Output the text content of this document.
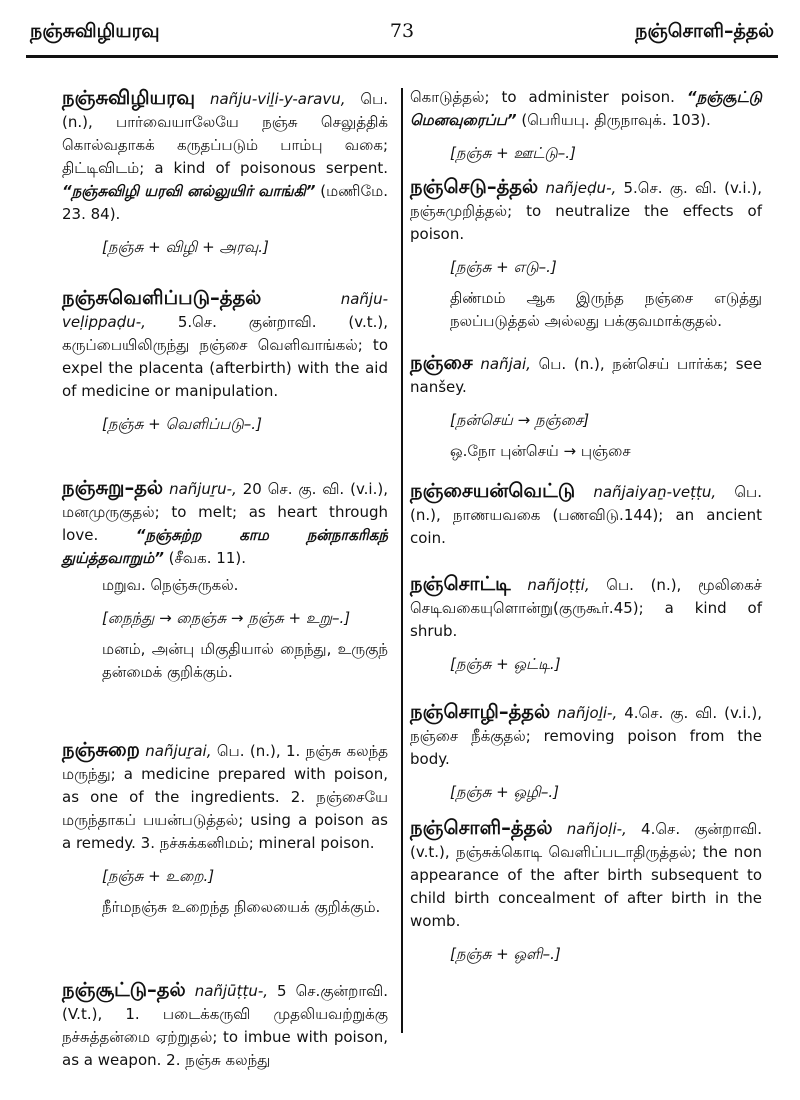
நஞ்சுவிழியரவு	73	நஞ்சொளி–த்தல்

நஞ்சுவிழியரவு nañju-viḻi-y-aravu, பெ. (n.), பார்வையாலேயே நஞ்சு செலுத்திக் கொல்வதாகக் கருதப்படும் பாம்பு வகை; திட்டிவிடம்; a kind of poisonous serpent. “நஞ்சுவிழி யரவி னல்லுயிர் வாங்கி” (மணிமே. 23. 84).

[நஞ்சு + விழி + அரவு.]

நஞ்சுவெளிப்படு–த்தல்	nañju-veḷippaḍu-, 5.செ. குன்றாவி. (v.t.), கருப்பையிலிருந்து நஞ்சை வெளிவாங்கல்; to expel the placenta (afterbirth) with the aid of medicine or manipulation.

[நஞ்சு + வெளிப்படு–.]

நஞ்சுறு–தல் nañjuṟu-, 20 செ. கு. வி. (v.i.), மனமுருகுதல்; to melt; as heart through love.	“நஞ்சுற்ற காம நன்நாகரிகந் துய்த்தவாறும்” (சீவக. 11).

மறுவ. நெஞ்சுருகல்.

[நைந்து → நைஞ்சு → நஞ்சு + உறு–.]

மனம், அன்பு மிகுதியால் நைந்து, உருகுந் தன்மைக் குறிக்கும்.

நஞ்சுறை nañjuṟai, பெ. (n.), 1. நஞ்சு கலந்த மருந்து; a medicine prepared with poison, as one of the ingredients. 2. நஞ்சையே மருந்தாகப் பயன்படுத்தல்; using a poison as a remedy. 3. நச்சுக்கனிமம்; mineral poison.

[நஞ்சு + உறை.]

நீர்மநஞ்சு உறைந்த நிலையைக் குறிக்கும்.

நஞ்சூட்டு–தல் nañjūṭṭu-, 5 செ.குன்றாவி. (V.t.), 1. படைக்கருவி முதலியவற்றுக்கு நச்சுத்தன்மை ஏற்றுதல்; to imbue with poison, as a weapon. 2. நஞ்சு கலந்து

கொடுத்தல்; to administer poison. “நஞ்சூட்டு மெனவுரைப்ப” (பெரியபு. திருநாவுக். 103).

[நஞ்சு + ஊட்டு–.]

நஞ்செடு–த்தல் nañjeḍu-, 5.செ. கு. வி. (v.i.), நஞ்சுமுறித்தல்; to neutralize the effects of poison.

[நஞ்சு + எடு–.]

திண்மம் ஆக இருந்த நஞ்சை எடுத்து நலப்படுத்தல் அல்லது பக்குவமாக்குதல்.

நஞ்சை nañjai, பெ. (n.), நன்செய் பார்க்க; see nanšey.

[நன்செய் → நஞ்சை]

ஒ.நோ புன்செய் → புஞ்சை

நஞ்சையன்வெட்டு nañjaiyaṉ-veṭṭu, பெ. (n.), நாணயவகை (பணவிடு.144); an ancient coin.

நஞ்சொட்டி nañjoṭṭi, பெ. (n.), மூலிகைச் செடிவகையுளொன்று(குருகூர்.45); a kind of shrub.

[நஞ்சு + ஒட்டி.]

நஞ்சொழி–த்தல் nañjoḻi-, 4.செ. கு. வி. (v.i.), நஞ்சை நீக்குதல்; removing poison from the body.

[நஞ்சு + ஒழி–.]

நஞ்சொளி–த்தல் nañjoḷi-, 4.செ. குன்றாவி. (v.t.), நஞ்சுக்கொடி வெளிப்படாதிருத்தல்; the non appearance of the after birth subsequent to child birth concealment of after birth in the womb.

[நஞ்சு + ஒளி–.]
